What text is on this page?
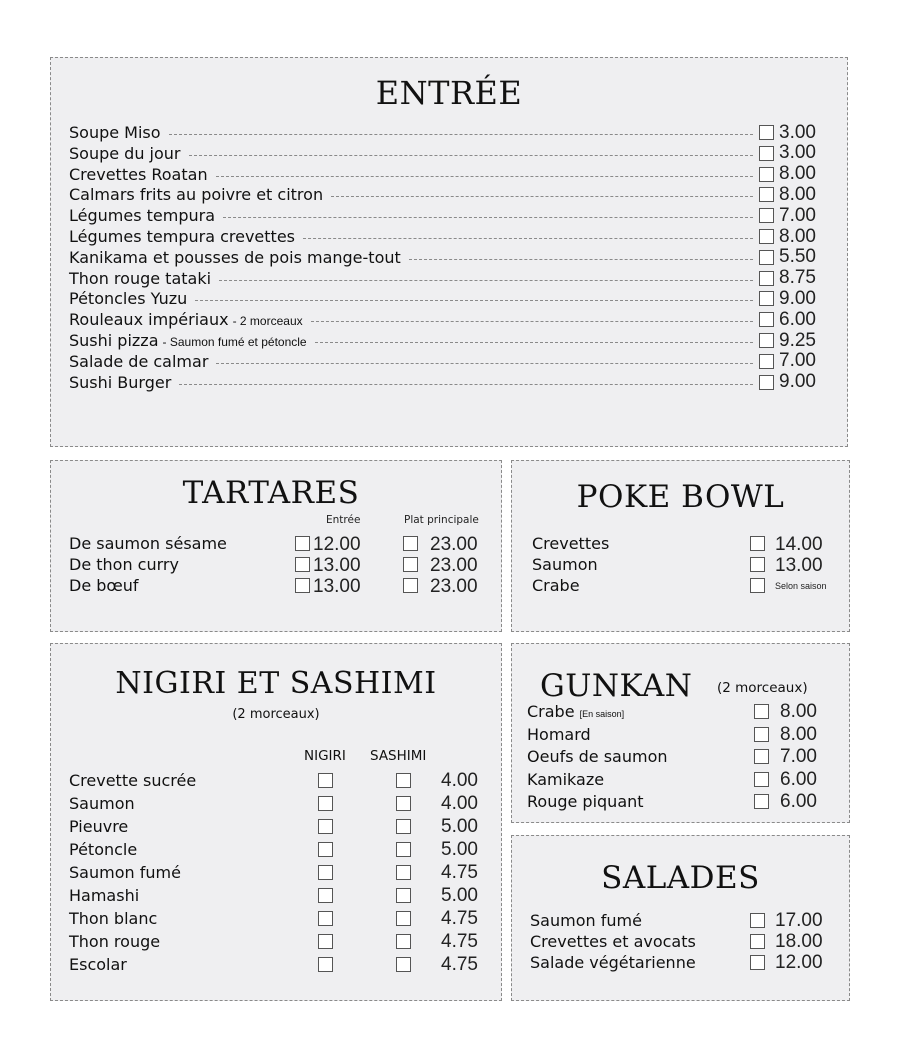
ENTRÉE
Soupe Miso	3.00
Soupe du jour	3.00
Crevettes Roatan	8.00
Calmars frits au poivre et citron	8.00
Légumes tempura	7.00
Légumes tempura crevettes	8.00
Kanikama et pousses de pois mange-tout	5.50
Thon rouge tataki	8.75
Pétoncles Yuzu	9.00
Rouleaux impériaux - 2 morceaux	6.00
Sushi pizza - Saumon fumé et pétoncle	9.25
Salade de calmar	7.00
Sushi Burger	9.00
TARTARES
Entrée	Plat principale
De saumon sésame	12.00	23.00
De thon curry	13.00	23.00
De bœuf	13.00	23.00
POKE BOWL
Crevettes	14.00
Saumon	13.00
Crabe	Selon saison
NIGIRI ET SASHIMI
(2 morceaux)
NIGIRI SASHIMI
Crevette sucrée	4.00
Saumon	4.00
Pieuvre	5.00
Pétoncle	5.00
Saumon fumé	4.75
Hamashi	5.00
Thon blanc	4.75
Thon rouge	4.75
Escolar	4.75
GUNKAN (2 morceaux)
Crabe [En saison]	8.00
Homard	8.00
Oeufs de saumon	7.00
Kamikaze	6.00
Rouge piquant	6.00
SALADES
Saumon fumé	17.00
Crevettes et avocats	18.00
Salade végétarienne	12.00
